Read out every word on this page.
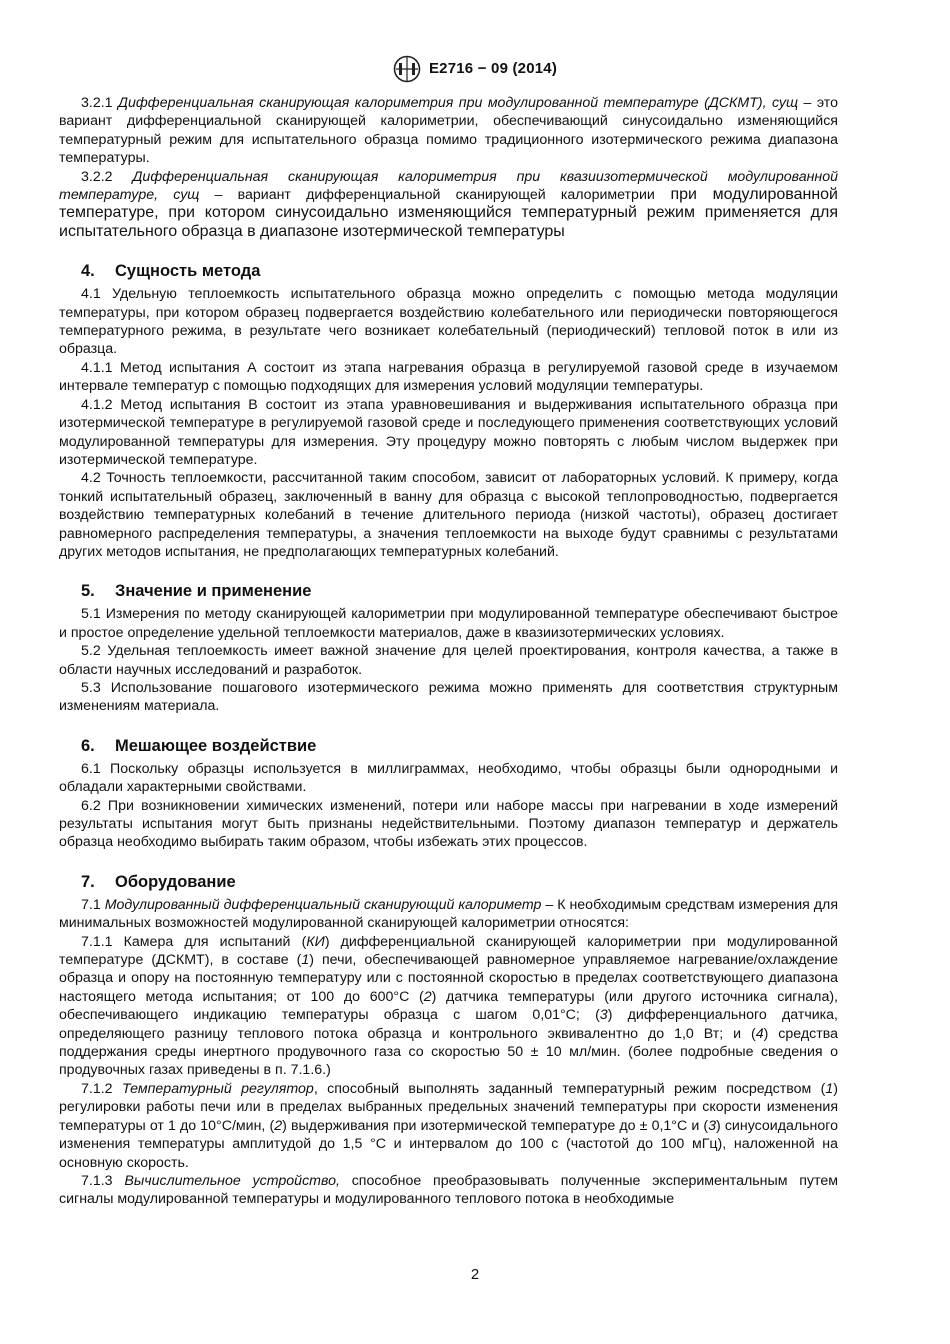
E2716 − 09 (2014)

3.2.1 Дифференциальная сканирующая калориметрия при модулированной температуре (ДСКМТ), сущ – это вариант дифференциальной сканирующей калориметрии, обеспечивающий синусоидально изменяющийся температурный режим для испытательного образца помимо традиционного изотермического режима диапазона температуры.

3.2.2 Дифференциальная сканирующая калориметрия при квазиизотермической модулированной температуре, сущ – вариант дифференциальной сканирующей калориметрии при модулированной температуре, при котором синусоидально изменяющийся температурный режим применяется для испытательного образца в диапазоне изотермической температуры

4. Сущность метода

4.1 Удельную теплоемкость испытательного образца можно определить с помощью метода модуляции температуры, при котором образец подвергается воздействию колебательного или периодически повторяющегося температурного режима, в результате чего возникает колебательный (периодический) тепловой поток в или из образца.

4.1.1 Метод испытания А состоит из этапа нагревания образца в регулируемой газовой среде в изучаемом интервале температур с помощью подходящих для измерения условий модуляции температуры.

4.1.2 Метод испытания В состоит из этапа уравновешивания и выдерживания испытательного образца при изотермической температуре в регулируемой газовой среде и последующего применения соответствующих условий модулированной температуры для измерения. Эту процедуру можно повторять с любым числом выдержек при изотермической температуре.

4.2 Точность теплоемкости, рассчитанной таким способом, зависит от лабораторных условий. К примеру, когда тонкий испытательный образец, заключенный в ванну для образца с высокой теплопроводностью, подвергается воздействию температурных колебаний в течение длительного периода (низкой частоты), образец достигает равномерного распределения температуры, а значения теплоемкости на выходе будут сравнимы с результатами других методов испытания, не предполагающих температурных колебаний.

5. Значение и применение

5.1 Измерения по методу сканирующей калориметрии при модулированной температуре обеспечивают быстрое и простое определение удельной теплоемкости материалов, даже в квазиизотермических условиях.

5.2 Удельная теплоемкость имеет важной значение для целей проектирования, контроля качества, а также в области научных исследований и разработок.

5.3 Использование пошагового изотермического режима можно применять для соответствия структурным изменениям материала.

6. Мешающее воздействие

6.1 Поскольку образцы используется в миллиграммах, необходимо, чтобы образцы были однородными и обладали характерными свойствами.

6.2 При возникновении химических изменений, потери или наборе массы при нагревании в ходе измерений результаты испытания могут быть признаны недействительными. Поэтому диапазон температур и держатель образца необходимо выбирать таким образом, чтобы избежать этих процессов.

7. Оборудование

7.1 Модулированный дифференциальный сканирующий калориметр – К необходимым средствам измерения для минимальных возможностей модулированной сканирующей калориметрии относятся:

7.1.1 Камера для испытаний (КИ) дифференциальной сканирующей калориметрии при модулированной температуре (ДСКМТ), в составе (1) печи, обеспечивающей равномерное управляемое нагревание/охлаждение образца и опору на постоянную температуру или с постоянной скоростью в пределах соответствующего диапазона настоящего метода испытания; от 100 до 600°С (2) датчика температуры (или другого источника сигнала), обеспечивающего индикацию температуры образца с шагом 0,01°С; (3) дифференциального датчика, определяющего разницу теплового потока образца и контрольного эквивалентно до 1,0 Вт; и (4) средства поддержания среды инертного продувочного газа со скоростью 50 ± 10 мл/мин. (более подробные сведения о продувочных газах приведены в п. 7.1.6.)

7.1.2 Температурный регулятор, способный выполнять заданный температурный режим посредством (1) регулировки работы печи или в пределах выбранных предельных значений температуры при скорости изменения температуры от 1 до 10°С/мин, (2) выдерживания при изотермической температуре до ± 0,1°С и (3) синусоидального изменения температуры амплитудой до 1,5 °С и интервалом до 100 с (частотой до 100 мГц), наложенной на основную скорость.

7.1.3 Вычислительное устройство, способное преобразовывать полученные экспериментальным путем сигналы модулированной температуры и модулированного теплового потока в необходимые

2
